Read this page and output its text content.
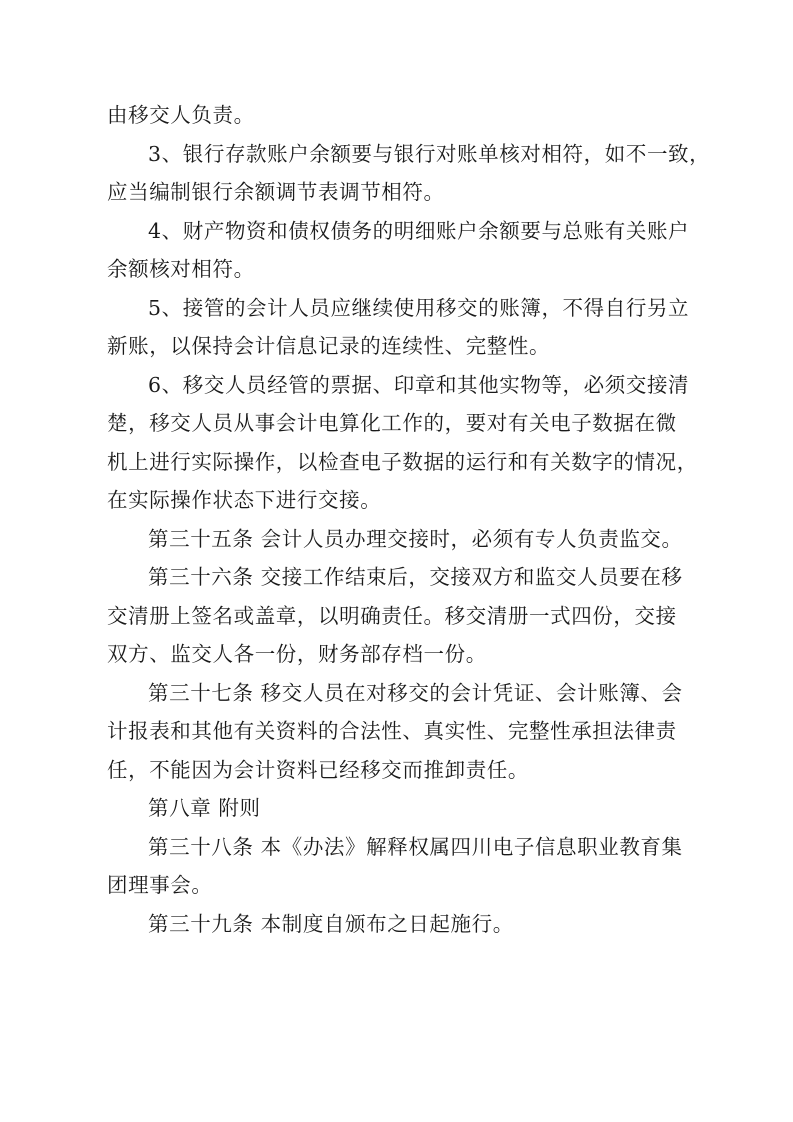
由移交人负责。
3、银行存款账户余额要与银行对账单核对相符，如不一致，
应当编制银行余额调节表调节相符。
4、财产物资和债权债务的明细账户余额要与总账有关账户
余额核对相符。
5、接管的会计人员应继续使用移交的账簿，不得自行另立
新账，以保持会计信息记录的连续性、完整性。
6、移交人员经管的票据、印章和其他实物等，必须交接清
楚，移交人员从事会计电算化工作的，要对有关电子数据在微
机上进行实际操作，以检查电子数据的运行和有关数字的情况，
在实际操作状态下进行交接。
第三十五条 会计人员办理交接时，必须有专人负责监交。
第三十六条 交接工作结束后，交接双方和监交人员要在移
交清册上签名或盖章，以明确责任。移交清册一式四份，交接
双方、监交人各一份，财务部存档一份。
第三十七条 移交人员在对移交的会计凭证、会计账簿、会
计报表和其他有关资料的合法性、真实性、完整性承担法律责
任，不能因为会计资料已经移交而推卸责任。
第八章 附则
第三十八条 本《办法》解释权属四川电子信息职业教育集
团理事会。
第三十九条 本制度自颁布之日起施行。
